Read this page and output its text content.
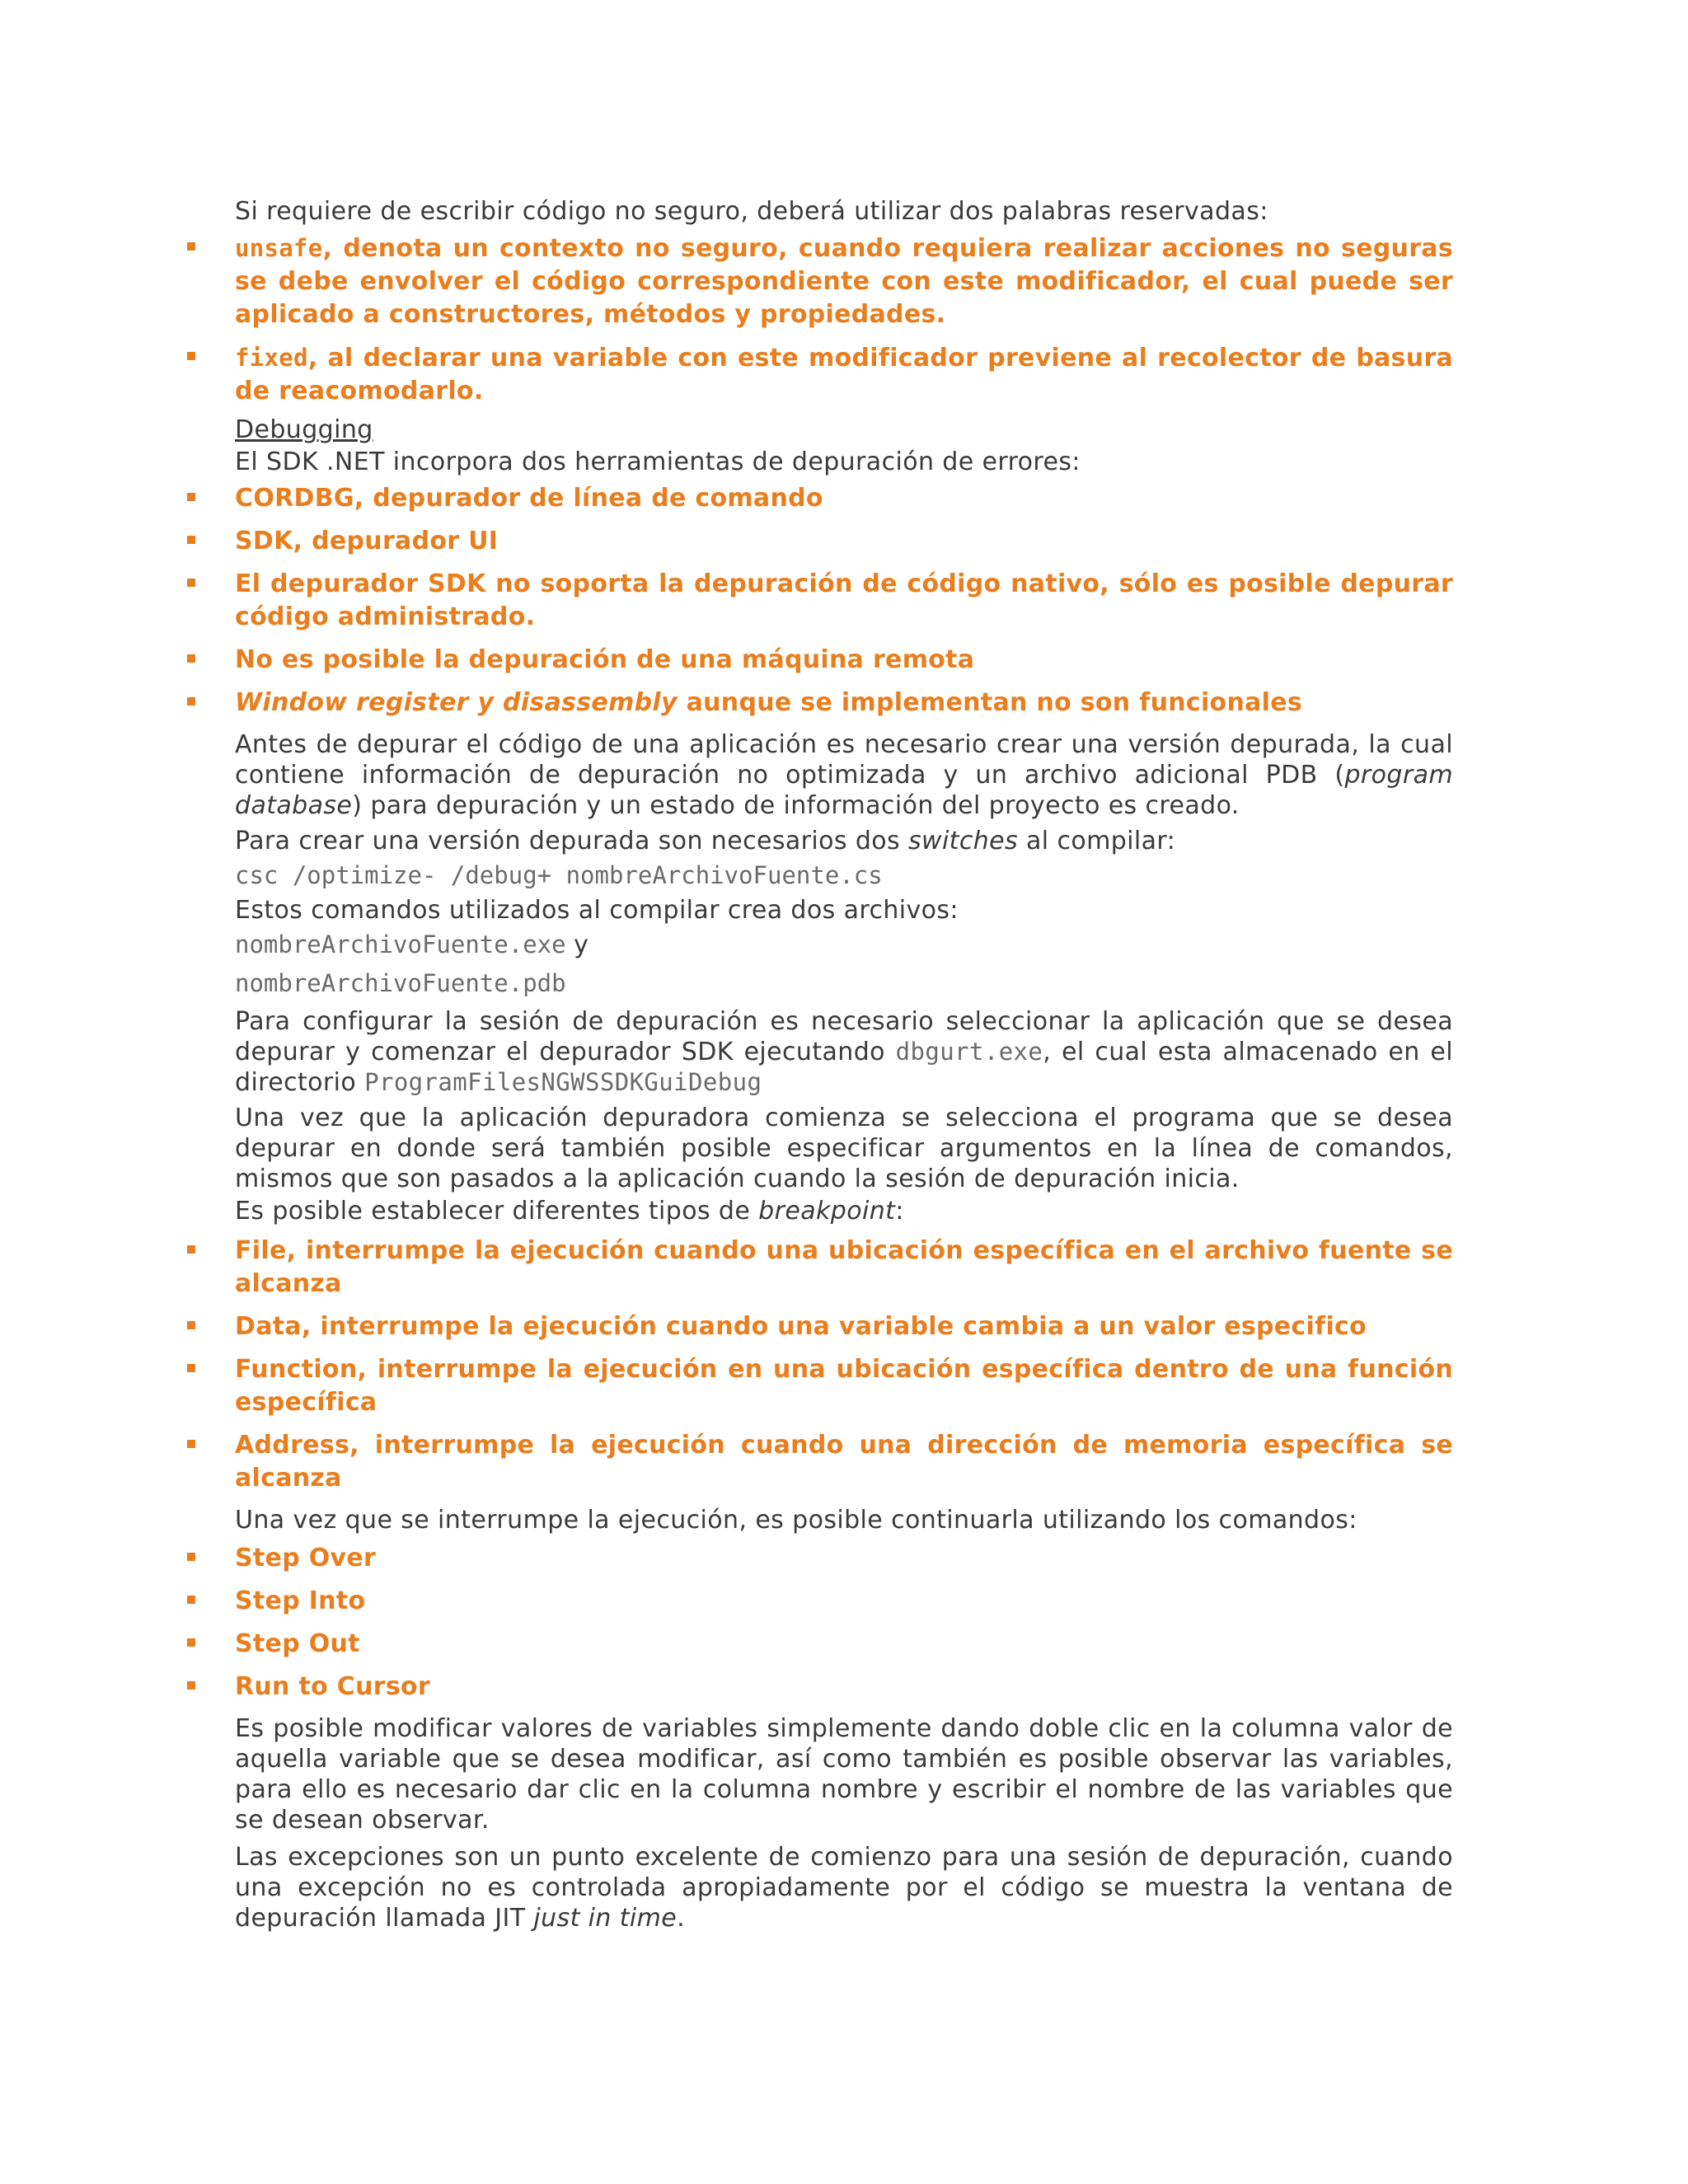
Si requiere de escribir código no seguro, deberá utilizar dos palabras reservadas:

unsafe, denota un contexto no seguro, cuando requiera realizar acciones no seguras se debe envolver el código correspondiente con este modificador, el cual puede ser aplicado a constructores, métodos y propiedades.
fixed, al declarar una variable con este modificador previene al recolector de basura de reacomodarlo.

Debugging

El SDK .NET incorpora dos herramientas de depuración de errores:

CORDBG, depurador de línea de comando
SDK, depurador UI
El depurador SDK no soporta la depuración de código nativo, sólo es posible depurar código administrado.
No es posible la depuración de una máquina remota
Window register y disassembly aunque se implementan no son funcionales

Antes de depurar el código de una aplicación es necesario crear una versión depurada, la cual contiene información de depuración no optimizada y un archivo adicional PDB (program database) para depuración y un estado de información del proyecto es creado.

Para crear una versión depurada son necesarios dos switches al compilar:

csc /optimize- /debug+ nombreArchivoFuente.cs

Estos comandos utilizados al compilar crea dos archivos:

nombreArchivoFuente.exe y

nombreArchivoFuente.pdb

Para configurar la sesión de depuración es necesario seleccionar la aplicación que se desea depurar y comenzar el depurador SDK ejecutando dbgurt.exe, el cual esta almacenado en el directorio ProgramFilesNGWSSDKGuiDebug

Una vez que la aplicación depuradora comienza se selecciona el programa que se desea depurar en donde será también posible especificar argumentos en la línea de comandos, mismos que son pasados a la aplicación cuando la sesión de depuración inicia.

Es posible establecer diferentes tipos de breakpoint:

File, interrumpe la ejecución cuando una ubicación específica en el archivo fuente se alcanza
Data, interrumpe la ejecución cuando una variable cambia a un valor especifico
Function, interrumpe la ejecución en una ubicación específica dentro de una función específica
Address, interrumpe la ejecución cuando una dirección de memoria específica se alcanza

Una vez que se interrumpe la ejecución, es posible continuarla utilizando los comandos:

Step Over
Step Into
Step Out
Run to Cursor

Es posible modificar valores de variables simplemente dando doble clic en la columna valor de aquella variable que se desea modificar, así como también es posible observar las variables, para ello es necesario dar clic en la columna nombre y escribir el nombre de las variables que se desean observar.

Las excepciones son un punto excelente de comienzo para una sesión de depuración, cuando una excepción no es controlada apropiadamente por el código se muestra la ventana de depuración llamada JIT just in time.
